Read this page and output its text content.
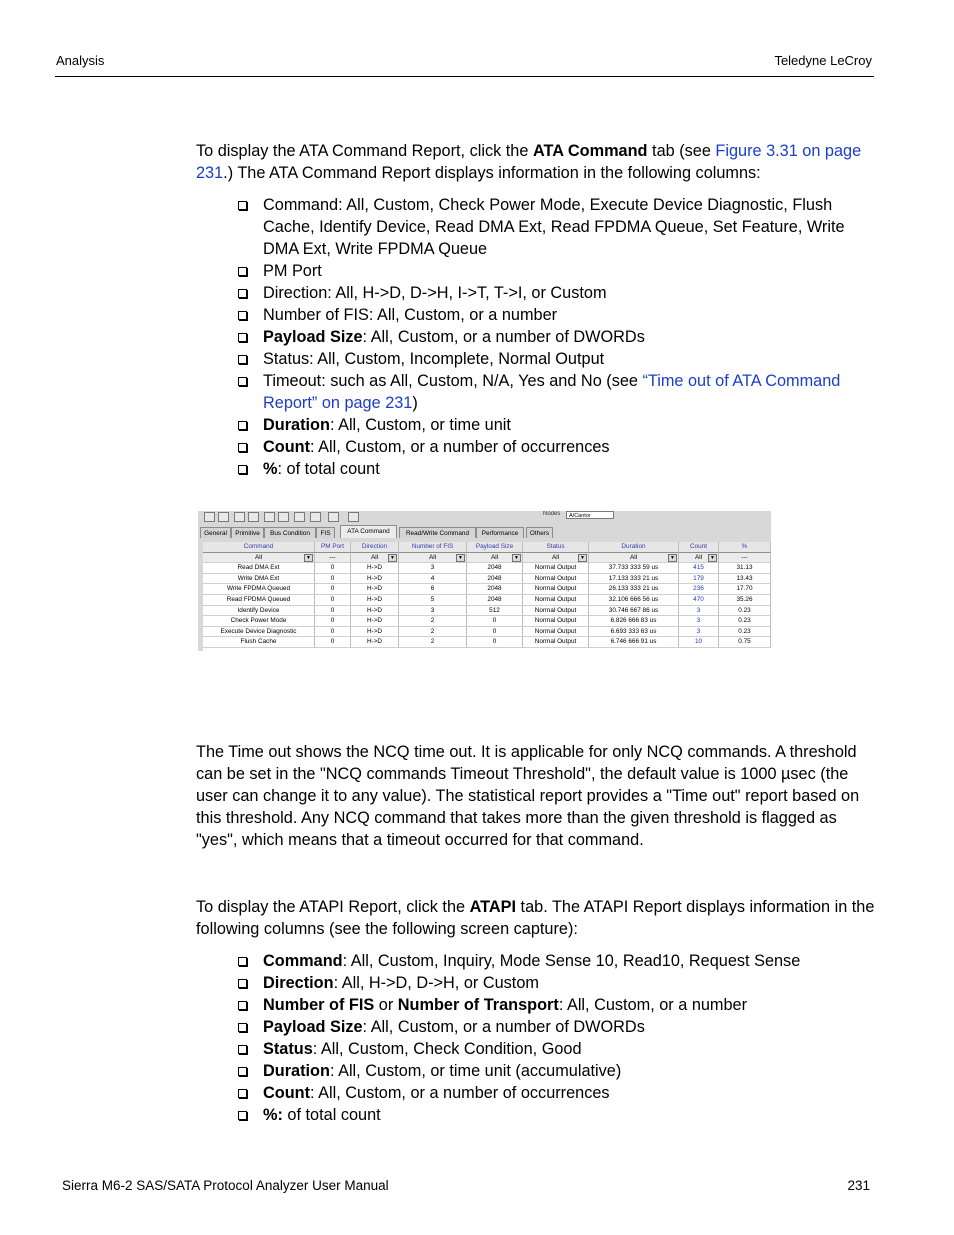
Analysis	Teledyne LeCroy
To display the ATA Command Report, click the ATA Command tab (see Figure 3.31 on page 231.) The ATA Command Report displays information in the following columns:
Command: All, Custom, Check Power Mode, Execute Device Diagnostic, Flush Cache, Identify Device, Read DMA Ext, Read FPDMA Queue, Set Feature, Write DMA Ext, Write FPDMA Queue
PM Port
Direction: All, H->D, D->H, I->T, T->I, or Custom
Number of FIS: All, Custom, or a number
Payload Size: All, Custom, or a number of DWORDs
Status: All, Custom, Incomplete, Normal Output
Timeout: such as All, Custom, N/A, Yes and No (see “Time out of ATA Command Report” on page 231)
Duration: All, Custom, or time unit
Count: All, Custom, or a number of occurrences
%: of total count
Nodes	A/Cantor
General	Primitive	Bus Condition	FIS	ATA Command	Read/Write Command	Performance	Others
Command	PM Port	Direction	Number of FIS	Payload Size	Status	Duration	Count	%
All	▼	---	All	▼	All	▼	All	▼	All	▼	All	▼	All	▼	---
Read DMA Ext	0	H->D	3	2048	Normal Output	37.733 333 59 us	415	31.13
Write DMA Ext	0	H->D	4	2048	Normal Output	17.133 333 21 us	179	13.43
Write FPDMA Queued	0	H->D	6	2048	Normal Output	26.133 333 21 us	236	17.70
Read FPDMA Queued	0	H->D	5	2048	Normal Output	32.106 666 56 us	470	35.26
Identify Device	0	H->D	3	512	Normal Output	30.746 667 86 us	3	0.23
Check Power Mode	0	H->D	2	0	Normal Output	6.826 666 83 us	3	0.23
Execute Device Diagnostic	0	H->D	2	0	Normal Output	6.693 333 63 us	3	0.23
Flush Cache	0	H->D	2	0	Normal Output	6.746 666 91 us	10	0.75
The Time out shows the NCQ time out. It is applicable for only NCQ commands. A threshold can be set in the "NCQ commands Timeout Threshold", the default value is 1000 µsec (the user can change it to any value). The statistical report provides a "Time out" report based on this threshold. Any NCQ command that takes more than the given threshold is flagged as "yes", which means that a timeout occurred for that command.
To display the ATAPI Report, click the ATAPI tab. The ATAPI Report displays information in the following columns (see the following screen capture):
Command: All, Custom, Inquiry, Mode Sense 10, Read10, Request Sense
Direction: All, H->D, D->H, or Custom
Number of FIS or Number of Transport: All, Custom, or a number
Payload Size: All, Custom, or a number of DWORDs
Status: All, Custom, Check Condition, Good
Duration: All, Custom, or time unit (accumulative)
Count: All, Custom, or a number of occurrences
%: of total count
Sierra M6-2 SAS/SATA Protocol Analyzer User Manual	231
